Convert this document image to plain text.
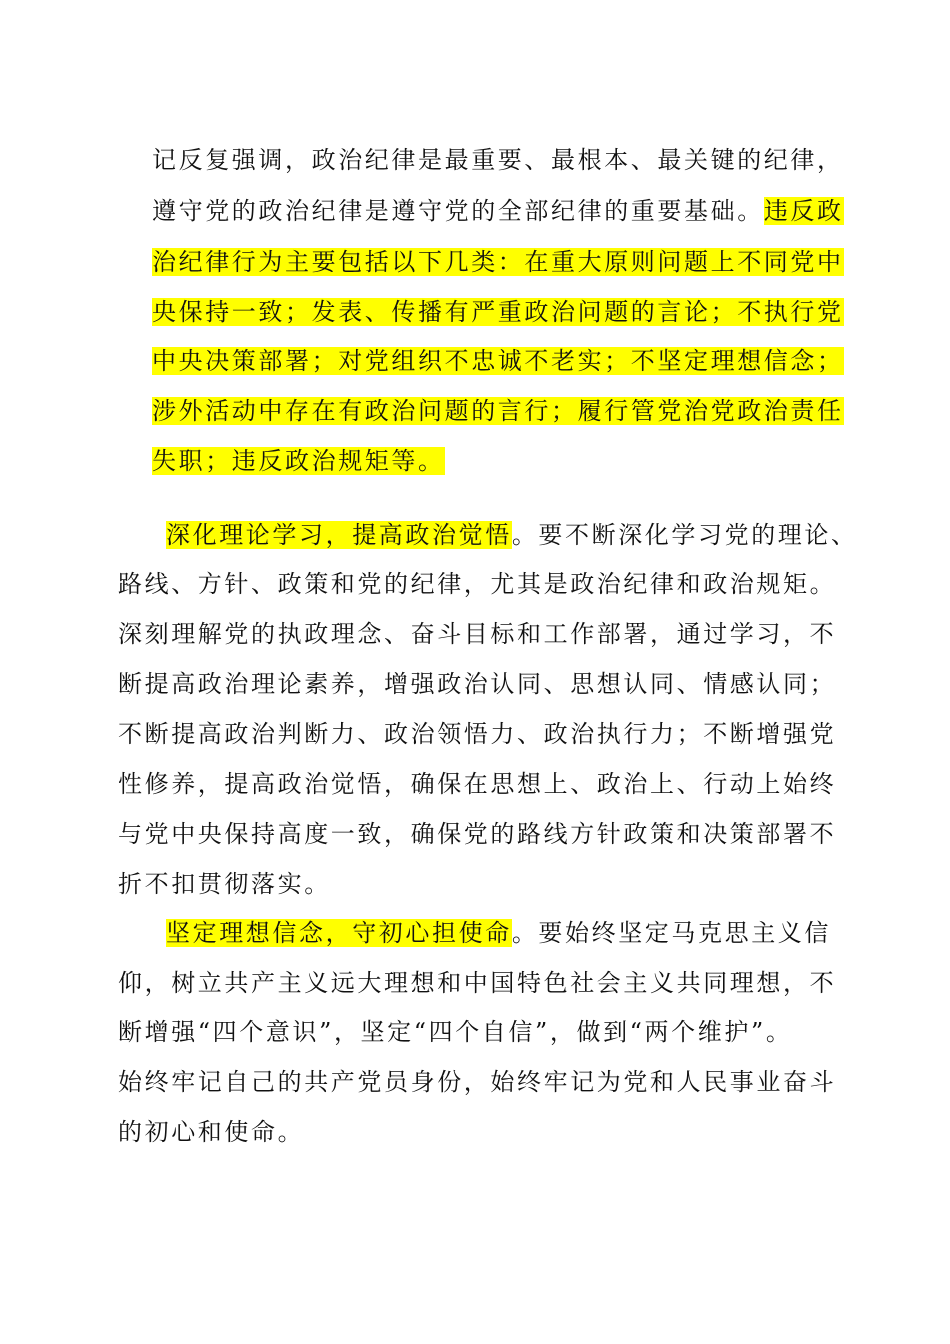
记反复强调，政治纪律是最重要、最根本、最关键的纪律，
遵守党的政治纪律是遵守党的全部纪律的重要基础。违反政
治纪律行为主要包括以下几类：在重大原则问题上不同党中
央保持一致；发表、传播有严重政治问题的言论；不执行党
中央决策部署；对党组织不忠诚不老实；不坚定理想信念；
涉外活动中存在有政治问题的言行；履行管党治党政治责任
失职；违反政治规矩等。
深化理论学习，提高政治觉悟。要不断深化学习党的理论、
路线、方针、政策和党的纪律，尤其是政治纪律和政治规矩。
深刻理解党的执政理念、奋斗目标和工作部署，通过学习，不
断提高政治理论素养，增强政治认同、思想认同、情感认同；
不断提高政治判断力、政治领悟力、政治执行力；不断增强党
性修养，提高政治觉悟，确保在思想上、政治上、行动上始终
与党中央保持高度一致，确保党的路线方针政策和决策部署不
折不扣贯彻落实。
坚定理想信念，守初心担使命。要始终坚定马克思主义信
仰，树立共产主义远大理想和中国特色社会主义共同理想，不
断增强“四个意识”，坚定“四个自信”，做到“两个维护”。
始终牢记自己的共产党员身份，始终牢记为党和人民事业奋斗
的初心和使命。
